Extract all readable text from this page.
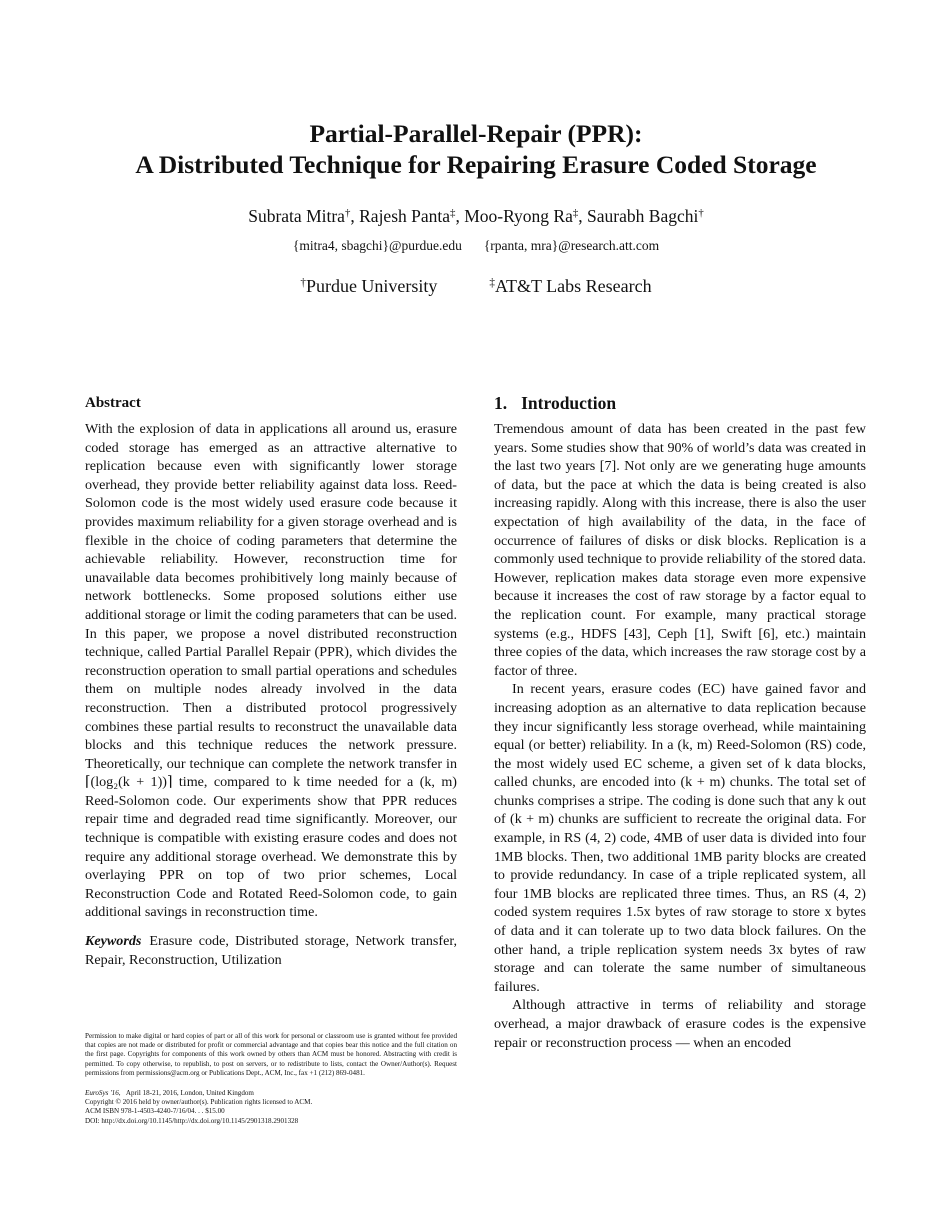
Partial-Parallel-Repair (PPR):
A Distributed Technique for Repairing Erasure Coded Storage
Subrata Mitra†, Rajesh Panta‡, Moo-Ryong Ra‡, Saurabh Bagchi†
{mitra4, sbagchi}@purdue.edu {rpanta, mra}@research.att.com
†Purdue University	‡AT&T Labs Research
Abstract

With the explosion of data in applications all around us, erasure coded storage has emerged as an attractive alternative to replication because even with significantly lower storage overhead, they provide better reliability against data loss. Reed-Solomon code is the most widely used erasure code because it provides maximum reliability for a given storage overhead and is flexible in the choice of coding parameters that determine the achievable reliability. However, reconstruction time for unavailable data becomes prohibitively long mainly because of network bottlenecks. Some proposed solutions either use additional storage or limit the coding parameters that can be used. In this paper, we propose a novel distributed reconstruction technique, called Partial Parallel Repair (PPR), which divides the reconstruction operation to small partial operations and schedules them on multiple nodes already involved in the data reconstruction. Then a distributed protocol progressively combines these partial results to reconstruct the unavailable data blocks and this technique reduces the network pressure. Theoretically, our technique can complete the network transfer in ⌈(log₂(k + 1))⌉ time, compared to k time needed for a (k, m) Reed-Solomon code. Our experiments show that PPR reduces repair time and degraded read time significantly. Moreover, our technique is compatible with existing erasure codes and does not require any additional storage overhead. We demonstrate this by overlaying PPR on top of two prior schemes, Local Reconstruction Code and Rotated Reed-Solomon code, to gain additional savings in reconstruction time.

Keywords Erasure code, Distributed storage, Network transfer, Repair, Reconstruction, Utilization

Permission to make digital or hard copies of part or all of this work for personal or classroom use is granted without fee provided that copies are not made or distributed for profit or commercial advantage and that copies bear this notice and the full citation on the first page. Copyrights for components of this work owned by others than ACM must be honored. Abstracting with credit is permitted. To copy otherwise, to republish, to post on servers, or to redistribute to lists, contact the Owner/Author(s). Request permissions from permissions@acm.org or Publications Dept., ACM, Inc., fax +1 (212) 869-0481.

EuroSys '16, April 18-21, 2016, London, United Kingdom
Copyright © 2016 held by owner/author(s). Publication rights licensed to ACM.
ACM ISBN 978-1-4503-4240-7/16/04. . . $15.00
DOI: http://dx.doi.org/10.1145/http://dx.doi.org/10.1145/2901318.2901328
1. Introduction

Tremendous amount of data has been created in the past few years. Some studies show that 90% of world’s data was created in the last two years [7]. Not only are we generating huge amounts of data, but the pace at which the data is being created is also increasing rapidly. Along with this increase, there is also the user expectation of high availability of the data, in the face of occurrence of failures of disks or disk blocks. Replication is a commonly used technique to provide reliability of the stored data. However, replication makes data storage even more expensive because it increases the cost of raw storage by a factor equal to the replication count. For example, many practical storage systems (e.g., HDFS [43], Ceph [1], Swift [6], etc.) maintain three copies of the data, which increases the raw storage cost by a factor of three.

In recent years, erasure codes (EC) have gained favor and increasing adoption as an alternative to data replication because they incur significantly less storage overhead, while maintaining equal (or better) reliability. In a (k, m) Reed-Solomon (RS) code, the most widely used EC scheme, a given set of k data blocks, called chunks, are encoded into (k + m) chunks. The total set of chunks comprises a stripe. The coding is done such that any k out of (k + m) chunks are sufficient to recreate the original data. For example, in RS (4, 2) code, 4MB of user data is divided into four 1MB blocks. Then, two additional 1MB parity blocks are created to provide redundancy. In case of a triple replicated system, all four 1MB blocks are replicated three times. Thus, an RS (4, 2) coded system requires 1.5x bytes of raw storage to store x bytes of data and it can tolerate up to two data block failures. On the other hand, a triple replication system needs 3x bytes of raw storage and can tolerate the same number of simultaneous failures.

Although attractive in terms of reliability and storage overhead, a major drawback of erasure codes is the expensive repair or reconstruction process — when an encoded
